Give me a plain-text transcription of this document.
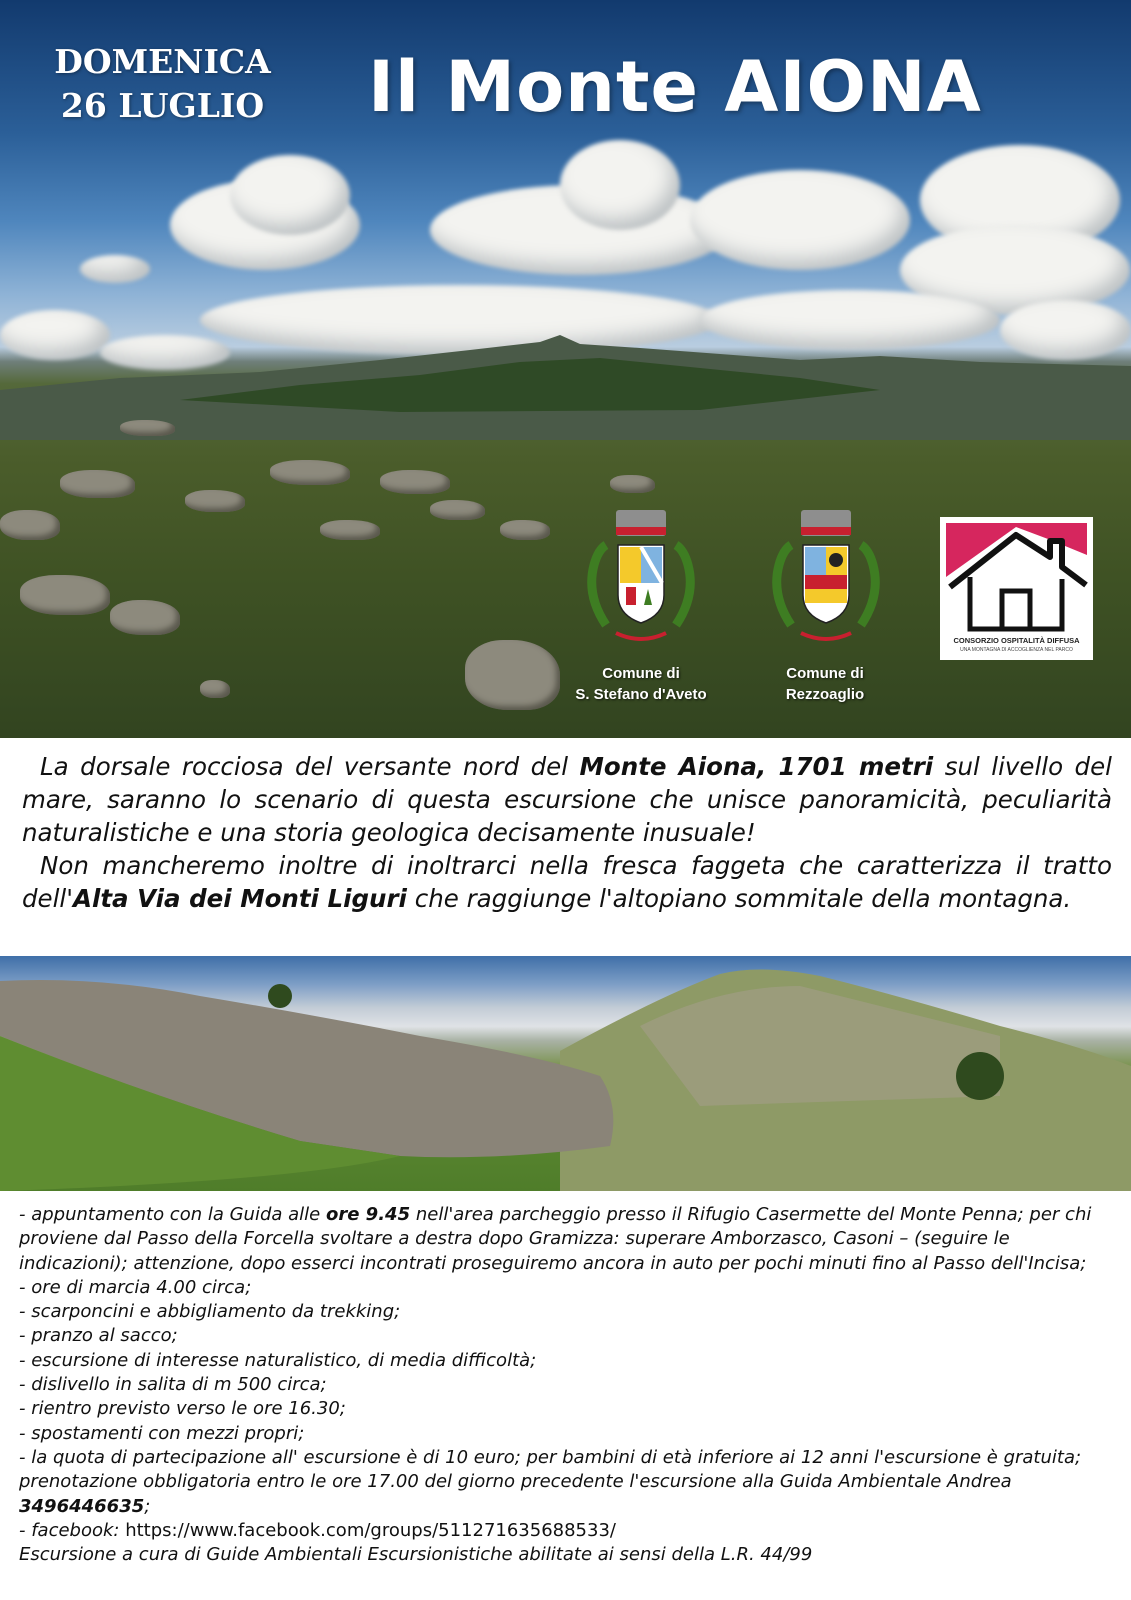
DOMENICA
26 LUGLIO	Il Monte AIONA
Comune di
S. Stefano d'Aveto
Comune di
Rezzoaglio
CONSORZIO OSPITALITÀ DIFFUSA
UNA MONTAGNA DI ACCOGLIENZA NEL PARCO

La dorsale rocciosa del versante nord del Monte Aiona, 1701 metri sul livello del mare, saranno lo scenario di questa escursione che unisce panoramicità, peculiarità naturalistiche e una storia geologica decisamente inusuale!

Non mancheremo inoltre di inoltrarci nella fresca faggeta che caratterizza il tratto dell'Alta Via dei Monti Liguri che raggiunge l'altopiano sommitale della montagna.

- appuntamento con la Guida alle ore 9.45 nell'area parcheggio presso il Rifugio Casermette del Monte Penna; per chi proviene dal Passo della Forcella svoltare a destra dopo Gramizza: superare Amborzasco, Casoni – (seguire le indicazioni); attenzione, dopo esserci incontrati proseguiremo ancora in auto per pochi minuti fino al Passo dell'Incisa;
- ore di marcia 4.00 circa;
- scarponcini e abbigliamento da trekking;
- pranzo al sacco;
- escursione di interesse naturalistico, di media difficoltà;
- dislivello in salita di m 500 circa;
- rientro previsto verso le ore 16.30;
- spostamenti con mezzi propri;
- la quota di partecipazione all' escursione è di 10 euro; per bambini di età inferiore ai 12 anni l'escursione è gratuita; prenotazione obbligatoria entro le ore 17.00 del giorno precedente l'escursione alla Guida Ambientale Andrea 3496446635;
- facebook: https://www.facebook.com/groups/511271635688533/
Escursione a cura di Guide Ambientali Escursionistiche abilitate ai sensi della L.R. 44/99
